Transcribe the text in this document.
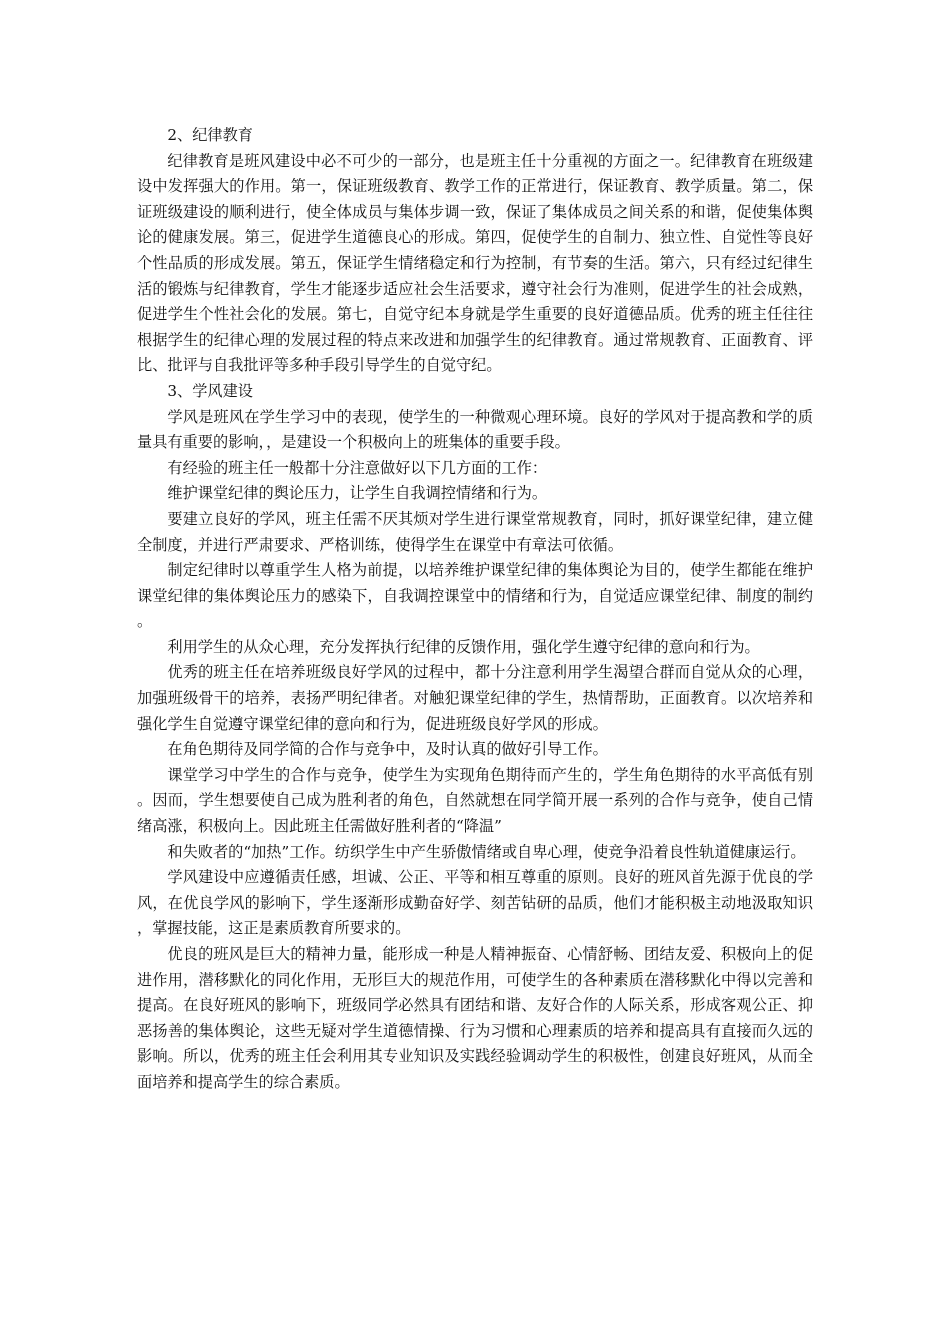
2、纪律教育

纪律教育是班风建设中必不可少的一部分，也是班主任十分重视的方面之一。纪律教育在班级建设中发挥强大的作用。第一，保证班级教育、教学工作的正常进行，保证教育、教学质量。第二，保证班级建设的顺利进行，使全体成员与集体步调一致，保证了集体成员之间关系的和谐，促使集体舆论的健康发展。第三，促进学生道德良心的形成。第四，促使学生的自制力、独立性、自觉性等良好个性品质的形成发展。第五，保证学生情绪稳定和行为控制，有节奏的生活。第六，只有经过纪律生活的锻炼与纪律教育，学生才能逐步适应社会生活要求，遵守社会行为准则，促进学生的社会成熟，促进学生个性社会化的发展。第七，自觉守纪本身就是学生重要的良好道德品质。优秀的班主任往往根据学生的纪律心理的发展过程的特点来改进和加强学生的纪律教育。通过常规教育、正面教育、评比、批评与自我批评等多种手段引导学生的自觉守纪。

3、学风建设

学风是班风在学生学习中的表现，使学生的一种微观心理环境。良好的学风对于提高教和学的质量具有重要的影响，，是建设一个积极向上的班集体的重要手段。

有经验的班主任一般都十分注意做好以下几方面的工作：

维护课堂纪律的舆论压力，让学生自我调控情绪和行为。

要建立良好的学风，班主任需不厌其烦对学生进行课堂常规教育，同时，抓好课堂纪律，建立健全制度，并进行严肃要求、严格训练，使得学生在课堂中有章法可依循。

制定纪律时以尊重学生人格为前提，以培养维护课堂纪律的集体舆论为目的，使学生都能在维护课堂纪律的集体舆论压力的感染下，自我调控课堂中的情绪和行为，自觉适应课堂纪律、制度的制约。

利用学生的从众心理，充分发挥执行纪律的反馈作用，强化学生遵守纪律的意向和行为。

优秀的班主任在培养班级良好学风的过程中，都十分注意利用学生渴望合群而自觉从众的心理，加强班级骨干的培养，表扬严明纪律者。对触犯课堂纪律的学生，热情帮助，正面教育。以次培养和强化学生自觉遵守课堂纪律的意向和行为，促进班级良好学风的形成。

在角色期待及同学简的合作与竞争中，及时认真的做好引导工作。

课堂学习中学生的合作与竞争，使学生为实现角色期待而产生的，学生角色期待的水平高低有别。因而，学生想要使自己成为胜利者的角色，自然就想在同学简开展一系列的合作与竞争，使自己情绪高涨，积极向上。因此班主任需做好胜利者的“降温”

和失败者的“加热”工作。纺织学生中产生骄傲情绪或自卑心理，使竞争沿着良性轨道健康运行。

学风建设中应遵循责任感，坦诚、公正、平等和相互尊重的原则。良好的班风首先源于优良的学风，在优良学风的影响下，学生逐渐形成勤奋好学、刻苦钻研的品质，他们才能积极主动地汲取知识，掌握技能，这正是素质教育所要求的。

优良的班风是巨大的精神力量，能形成一种是人精神振奋、心情舒畅、团结友爱、积极向上的促进作用，潜移默化的同化作用，无形巨大的规范作用，可使学生的各种素质在潜移默化中得以完善和提高。在良好班风的影响下，班级同学必然具有团结和谐、友好合作的人际关系，形成客观公正、抑恶扬善的集体舆论，这些无疑对学生道德情操、行为习惯和心理素质的培养和提高具有直接而久远的影响。所以，优秀的班主任会利用其专业知识及实践经验调动学生的积极性，创建良好班风，从而全面培养和提高学生的综合素质。
